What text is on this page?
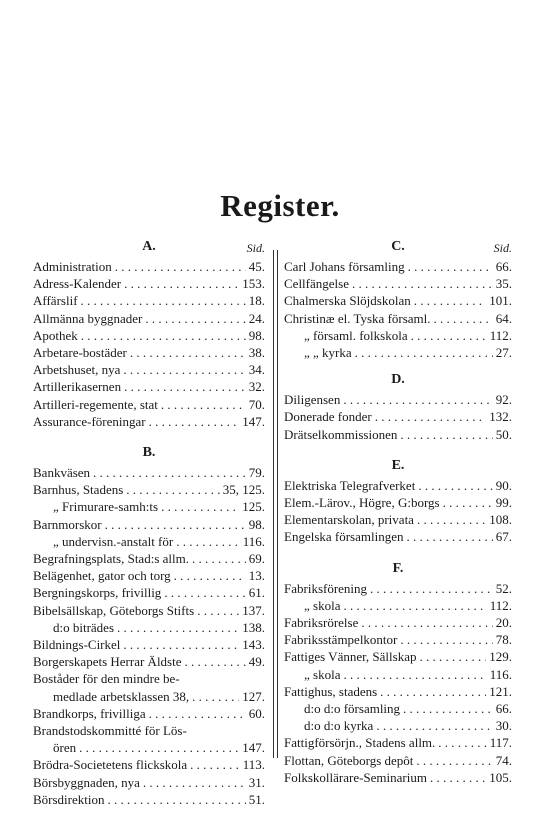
Register.
A.	Sid.
Administration . . .	45.
Adress-Kalender . . .	153.
Affärslif . . .	18.
Allmänna byggnader . . .	24.
Apothek . . .	98.
Arbetare-bostäder . . .	38.
Arbetshuset, nya . . .	34.
Artillerikasernen . . .	32.
Artilleri-regemente, stat . . .	70.
Assurance-föreningar . . .	147.
B.
Bankväsen . . .	79.
Barnhus, Stadens . . .	35, 125.
„ Frimurare-samh:ts . . .	125.
Barnmorskor . . .	98.
„ undervisn.-anstalt för . . .	116.
Begrafningsplats, Stad:s allm. . . .	69.
Belägenhet, gator och torg . . .	13.
Bergningskorps, frivillig . . .	61.
Bibelsällskap, Göteborgs Stifts . . .	137.
d:o biträdes . . .	138.
Bildnings-Cirkel . . .	143.
Borgerskapets Herrar Äldste . . .	49.
Boståder för den mindre be-
medlade arbetsklassen 38, . . .	127.
Brandkorps, frivilliga . . .	60.
Brandstodskommitté för Lös-
ören . . .	147.
Brödra-Societetens flickskola . . .	113.
Börsbyggnaden, nya . . .	31.
Börsdirektion . . .	51.
C.	Sid.
Carl Johans församling . . .	66.
Cellfängelse . . .	35.
Chalmerska Slöjdskolan . . .	101.
Christinæ el. Tyska församl. . . .	64.
„ församl. folkskola . . .	112.
„ „ kyrka . . .	27.
D.
Diligensen . . .	92.
Donerade fonder . . .	132.
Drätselkommissionen . . .	50.
E.
Elektriska Telegrafverket . . .	90.
Elem.-Lärov., Högre, G:borgs . . .	99.
Elementarskolan, privata . . .	108.
Engelska församlingen . . .	67.
F.
Fabriksförening . . .	52.
„ skola . . .	112.
Fabriksrörelse . . .	20.
Fabriksstämpelkontor . . .	78.
Fattiges Vänner, Sällskap . . .	129.
„ skola . . .	116.
Fattighus, stadens . . .	121.
d:o d:o församling . . .	66.
d:o d:o kyrka . . .	30.
Fattigförsörjn., Stadens allm. . . .	117.
Flottan, Göteborgs depôt . . .	74.
Folkskollärare-Seminarium . . .	105.
